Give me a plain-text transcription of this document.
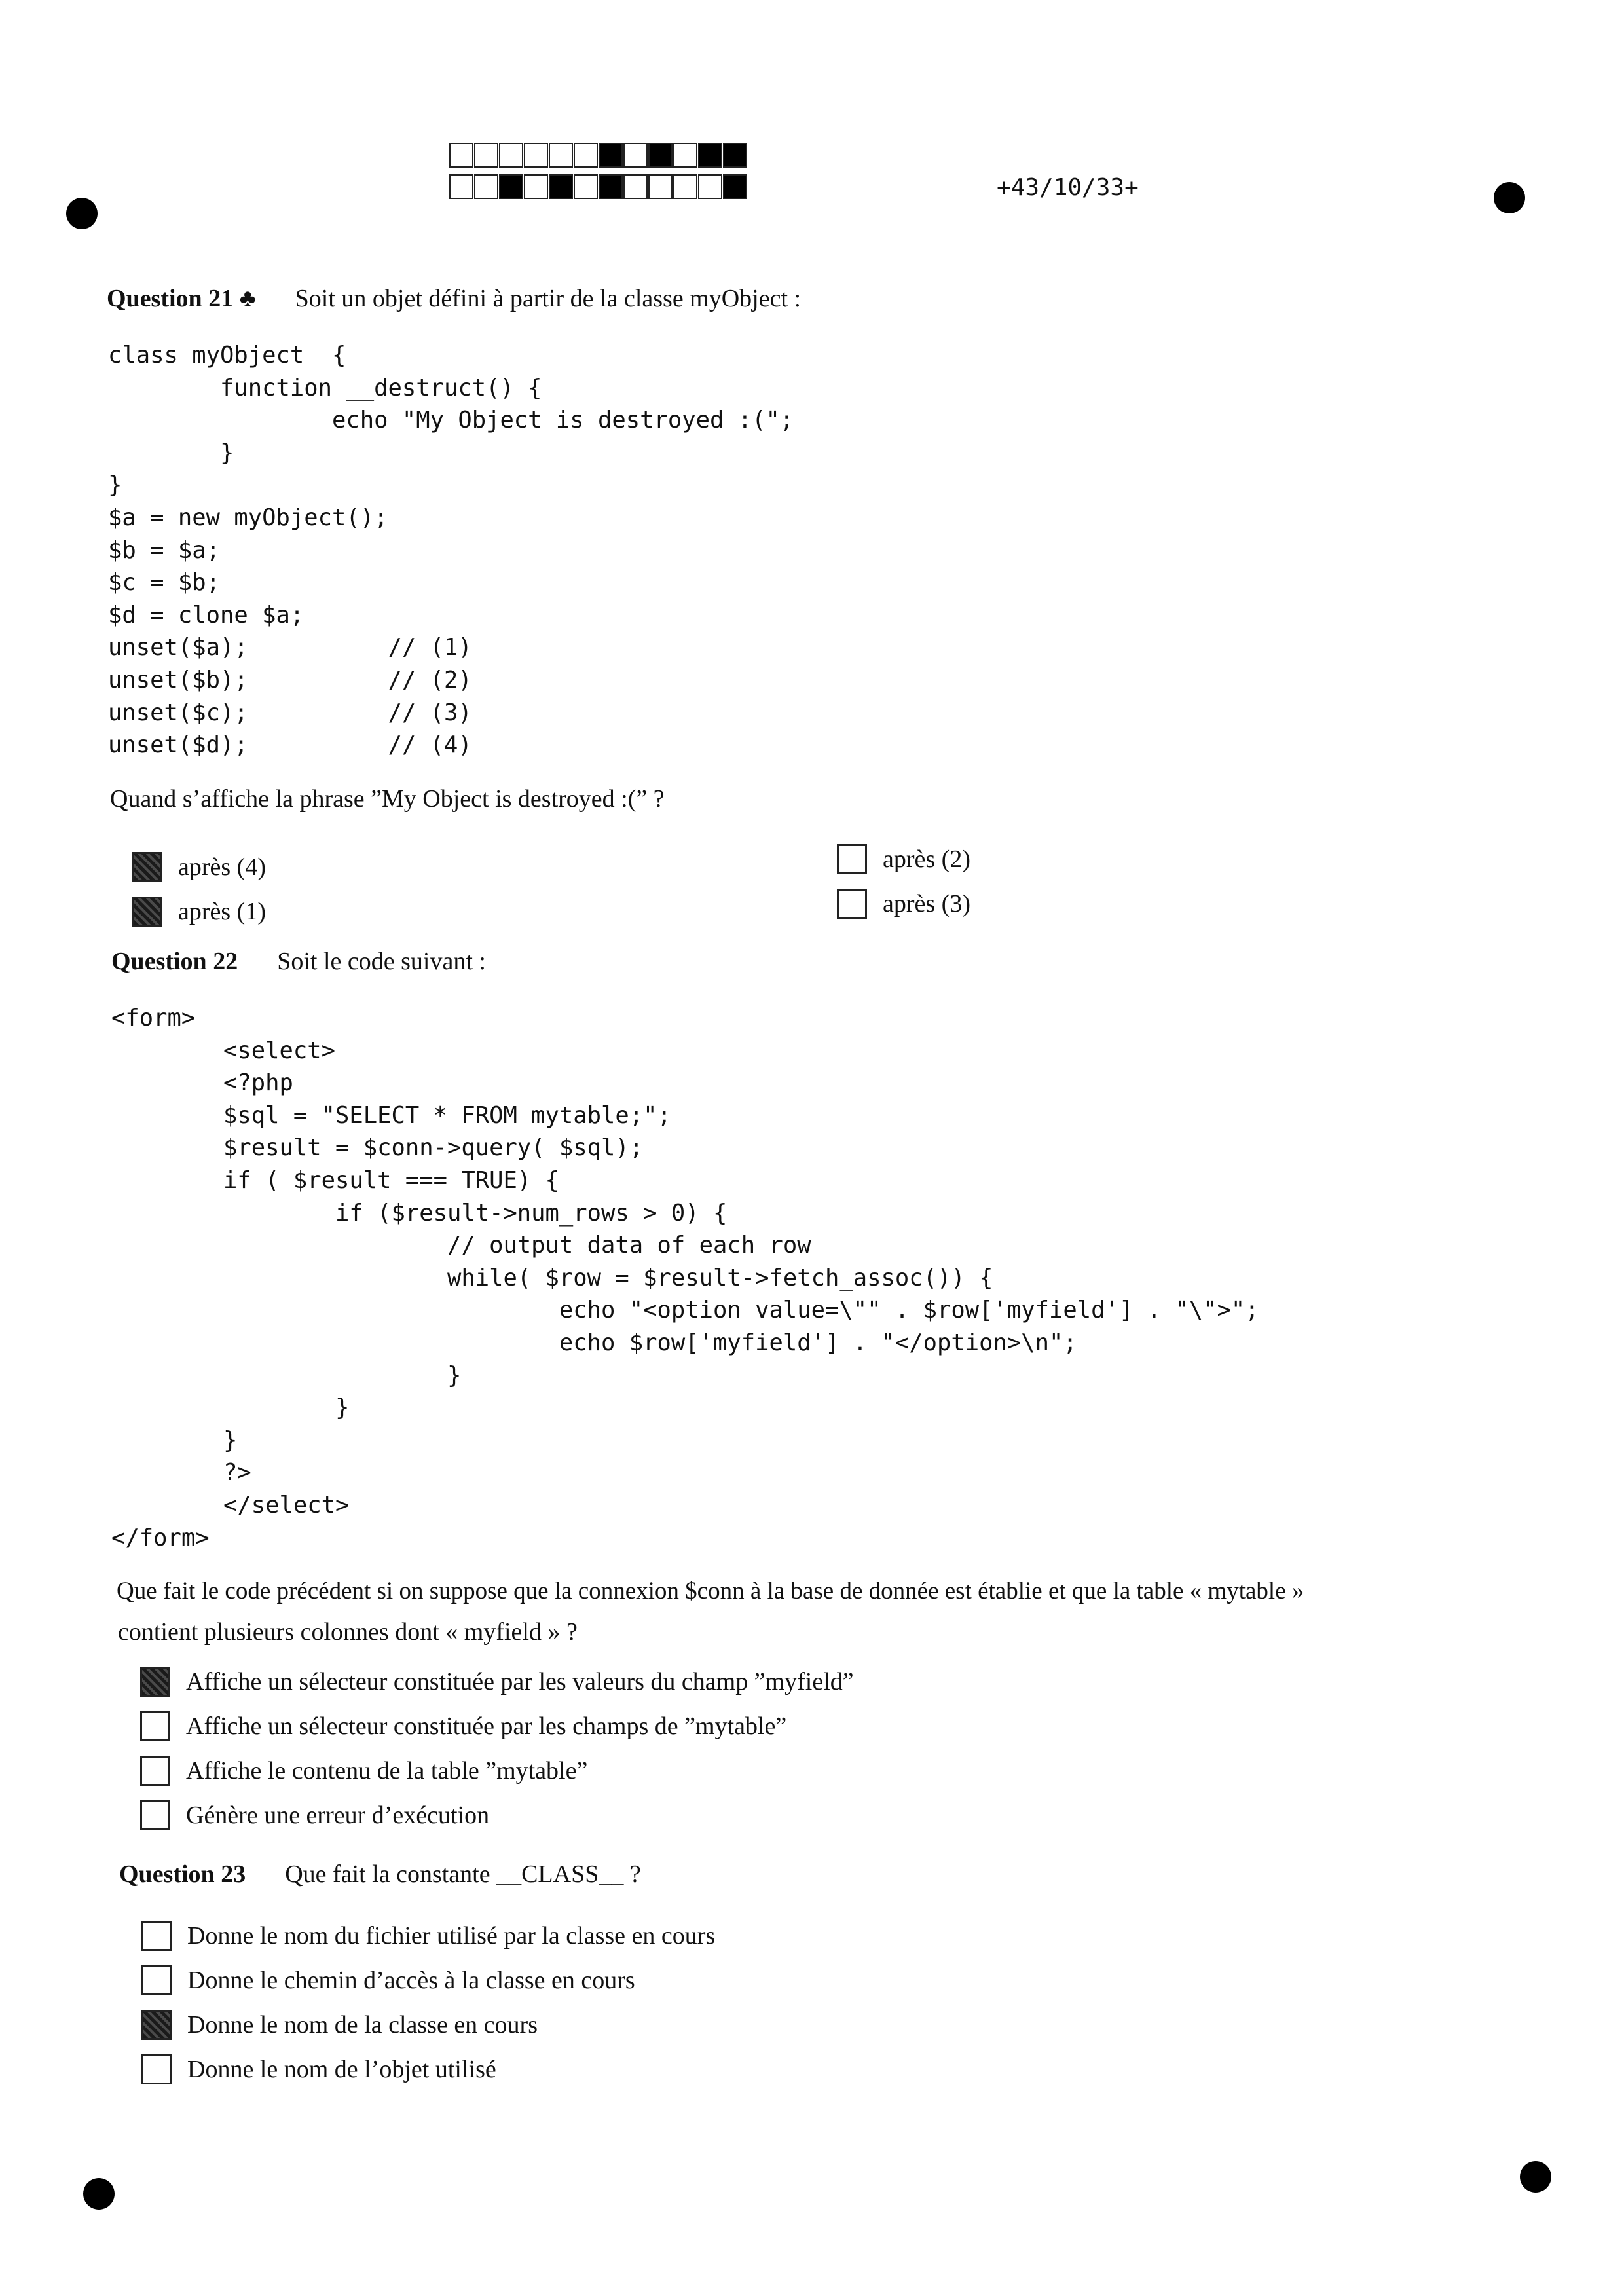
+43/10/33+
Question 21 ♣ Soit un objet défini à partir de la classe myObject :
class myObject  {
function __destruct() {
echo "My Object is destroyed :(";
}
}
$a = new myObject();
$b = $a;
$c = $b;
$d = clone $a;
unset($a);          // (1)
unset($b);          // (2)
unset($c);          // (3)
unset($d);          // (4)
Quand s’affiche la phrase ”My Object is destroyed :(” ?
après (4)
après (1)
après (2)
après (3)
Question 22 Soit le code suivant :
<form>
<select>
<?php
$sql = "SELECT * FROM mytable;";
$result = $conn->query( $sql);
if ( $result === TRUE) {
if ($result->num_rows > 0) {
// output data of each row
while( $row = $result->fetch_assoc()) {
echo "<option value=\"" . $row['myfield'] . "\">";
echo $row['myfield'] . "</option>\n";
}
}
}
?>
</select>
</form>
Que fait le code précédent si on suppose que la connexion $conn à la base de donnée est établie et que la table « mytable »
contient plusieurs colonnes dont « myfield » ?
Affiche un sélecteur constituée par les valeurs du champ ”myfield”
Affiche un sélecteur constituée par les champs de ”mytable”
Affiche le contenu de la table ”mytable”
Génère une erreur d’exécution
Question 23 Que fait la constante __CLASS__ ?
Donne le nom du fichier utilisé par la classe en cours
Donne le chemin d’accès à la classe en cours
Donne le nom de la classe en cours
Donne le nom de l’objet utilisé
